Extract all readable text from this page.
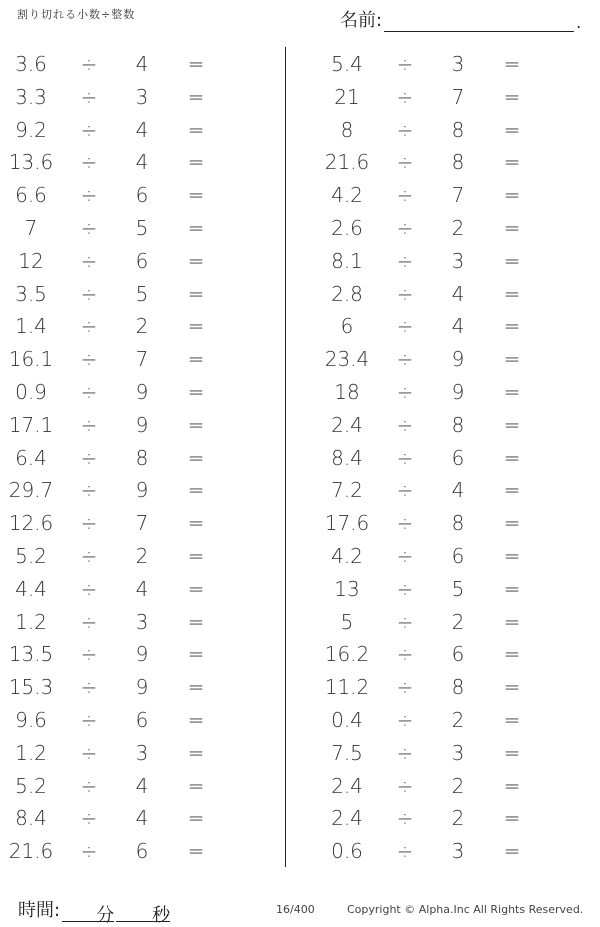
割り切れる小数÷整数	名前:	.
3.6	÷ 4 =
3.3	÷ 3 =
9.2	÷ 4 =
13.6	÷ 4 =
6.6	÷ 6 =
7	÷ 5 =
12	÷ 6 =
3.5	÷ 5 =
1.4	÷ 2 =
16.1	÷ 7 =
0.9	÷ 9 =
17.1	÷ 9 =
6.4	÷ 8 =
29.7	÷ 9 =
12.6	÷ 7 =
5.2	÷ 2 =
4.4	÷ 4 =
1.2	÷ 3 =
13.5	÷ 9 =
15.3	÷ 9 =
9.6	÷ 6 =
1.2	÷ 3 =
5.2	÷ 4 =
8.4	÷ 4 =
21.6	÷ 6 =
5.4	÷ 3 =
21	÷ 7 =
8	÷ 8 =
21.6	÷ 8 =
4.2	÷ 7 =
2.6	÷ 2 =
8.1	÷ 3 =
2.8	÷ 4 =
6	÷ 4 =
23.4	÷ 9 =
18	÷ 9 =
2.4	÷ 8 =
8.4	÷ 6 =
7.2	÷ 4 =
17.6	÷ 8 =
4.2	÷ 6 =
13	÷ 5 =
5	÷ 2 =
16.2	÷ 6 =
11.2	÷ 8 =
0.4	÷ 2 =
7.5	÷ 3 =
2.4	÷ 2 =
2.4	÷ 2 =
0.6	÷ 3 =
時間: 分 秒	16/400	Copyright © Alpha.Inc All Rights Reserved.
